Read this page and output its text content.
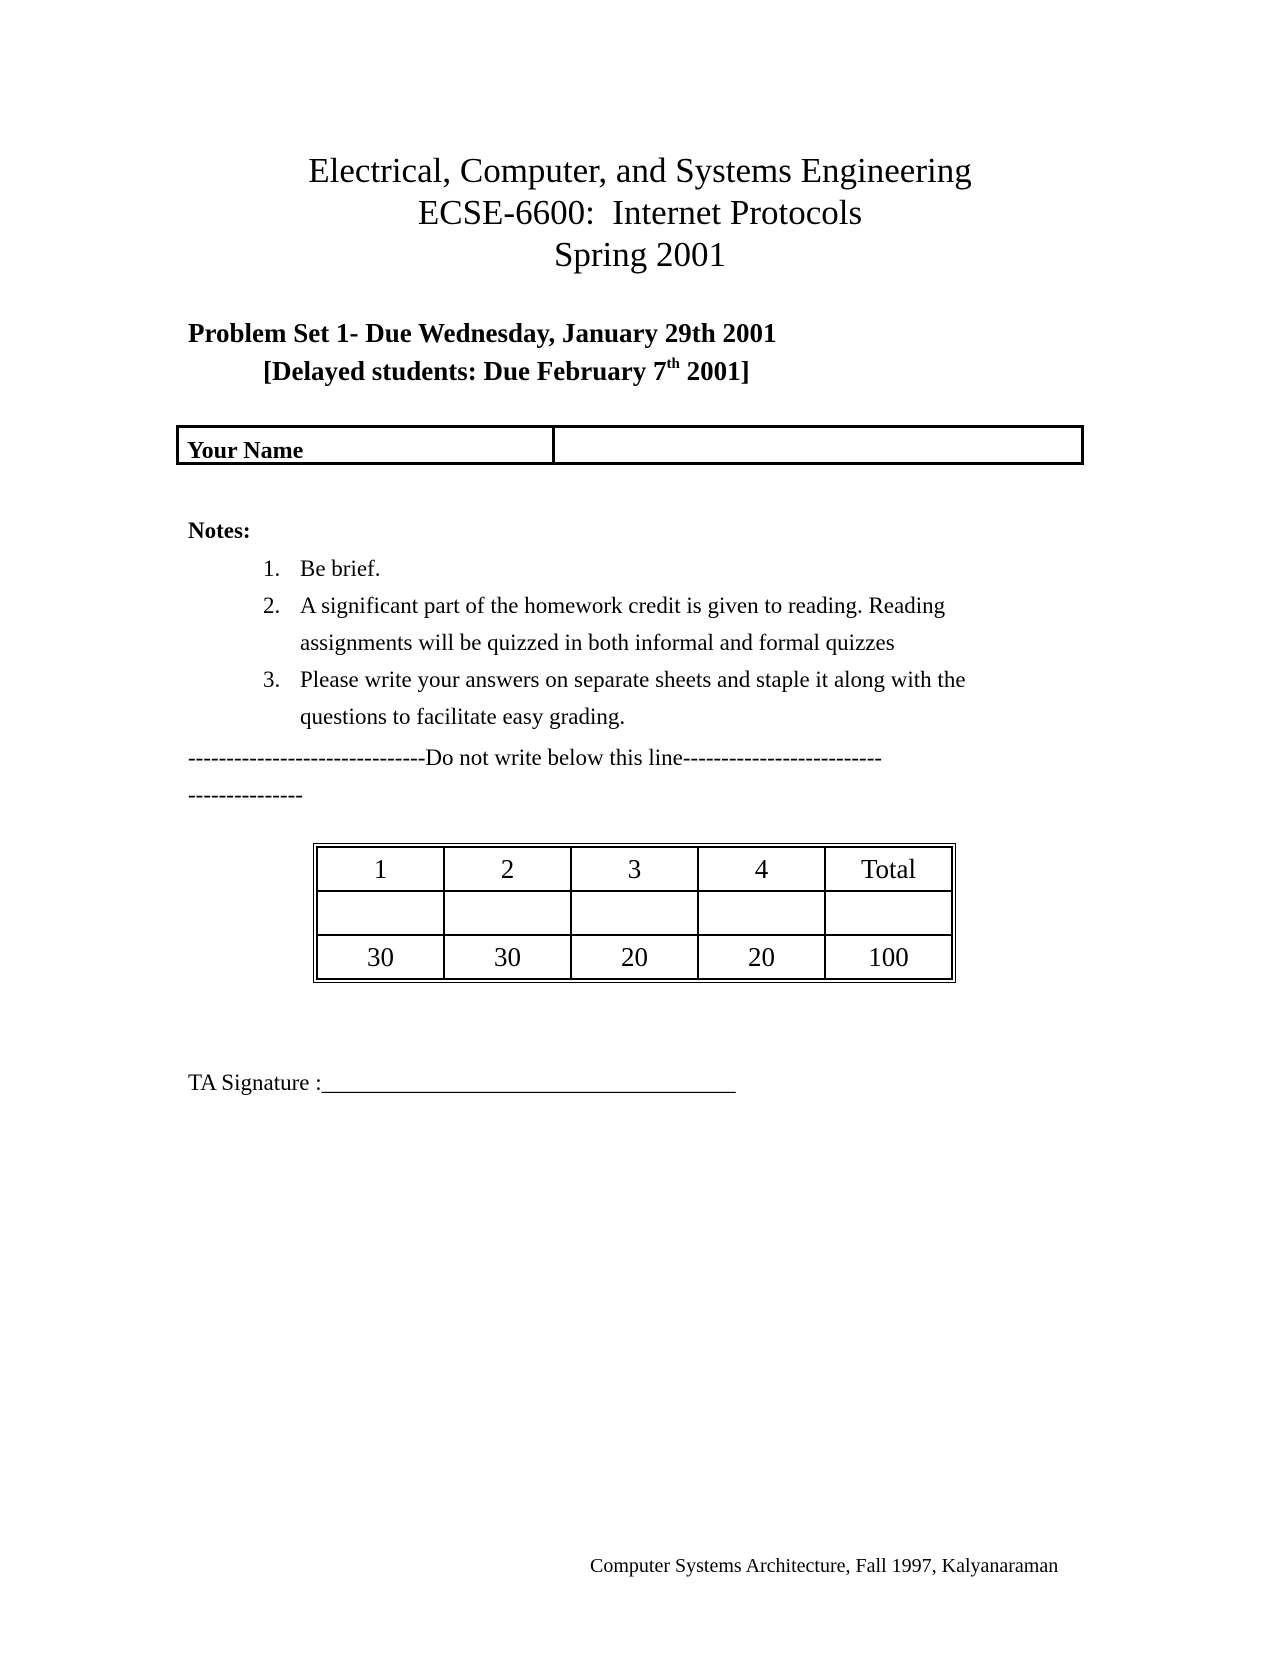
Electrical, Computer, and Systems Engineering
ECSE-6600:  Internet Protocols
Spring 2001
Problem Set 1- Due Wednesday, January 29th 2001
[Delayed students: Due February 7th 2001]
Your Name
Notes:
1. Be brief.
2. A significant part of the homework credit is given to reading. Reading assignments will be quizzed in both informal and formal quizzes
3. Please write your answers on separate sheets and staple it along with the questions to facilitate easy grading.
-------------------------------Do not write below this line-----------------------------------------
1	2	3	4	Total

30	30	20	20	100
TA Signature :____________________________________
Computer Systems Architecture, Fall 1997, Kalyanaraman
